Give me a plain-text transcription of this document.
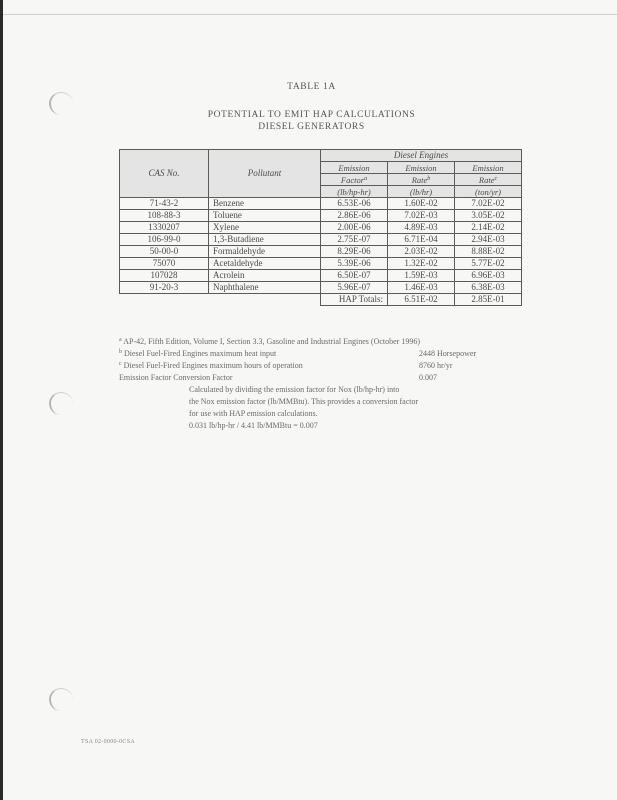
TABLE 1A
POTENTIAL TO EMIT HAP CALCULATIONS
DIESEL GENERATORS
CAS No.	Pollutant	Diesel Engines		
		Emission	Emission	Emission
		Factor$^a$	Rate$^b$	Rate$^c$
		(lb/hp-hr)	(lb/hr)	(ton/yr)
71-43-2	Benzene	6.53E-06	1.60E-02	7.02E-02
108-88-3	Toluene	2.86E-06	7.02E-03	3.05E-02
1330207	Xylene	2.00E-06	4.89E-03	2.14E-02
106-99-0	1,3-Butadiene	2.75E-07	6.71E-04	2.94E-03
50-00-0	Formaldehyde	8.29E-06	2.03E-02	8.88E-02
75070	Acetaldehyde	5.39E-06	1.32E-02	5.77E-02
107028	Acrolein	6.50E-07	1.59E-03	6.96E-03
91-20-3	Naphthalene	5.96E-07	1.46E-03	6.38E-03
		HAP Totals:	6.51E-02	2.85E-01
$^a$ AP-42, Fifth Edition, Volume I, Section 3.3, Gasoline and Industrial Engines (October 1996)
$^b$ Diesel Fuel-Fired Engines maximum heat input	2448 Horsepower
$^c$ Diesel Fuel-Fired Engines maximum hours of operation	8760 hr/yr
Emission Factor Conversion Factor	0.007
Calculated by dividing the emission factor for Nox (lb/hp-hr) into
the Nox emission factor (lb/MMBtu). This provides a conversion factor
for use with HAP emission calculations.
0.031 lb/hp-hr / 4.41 lb/MMBtu = 0.007
TSA 02-0000-0CSA
